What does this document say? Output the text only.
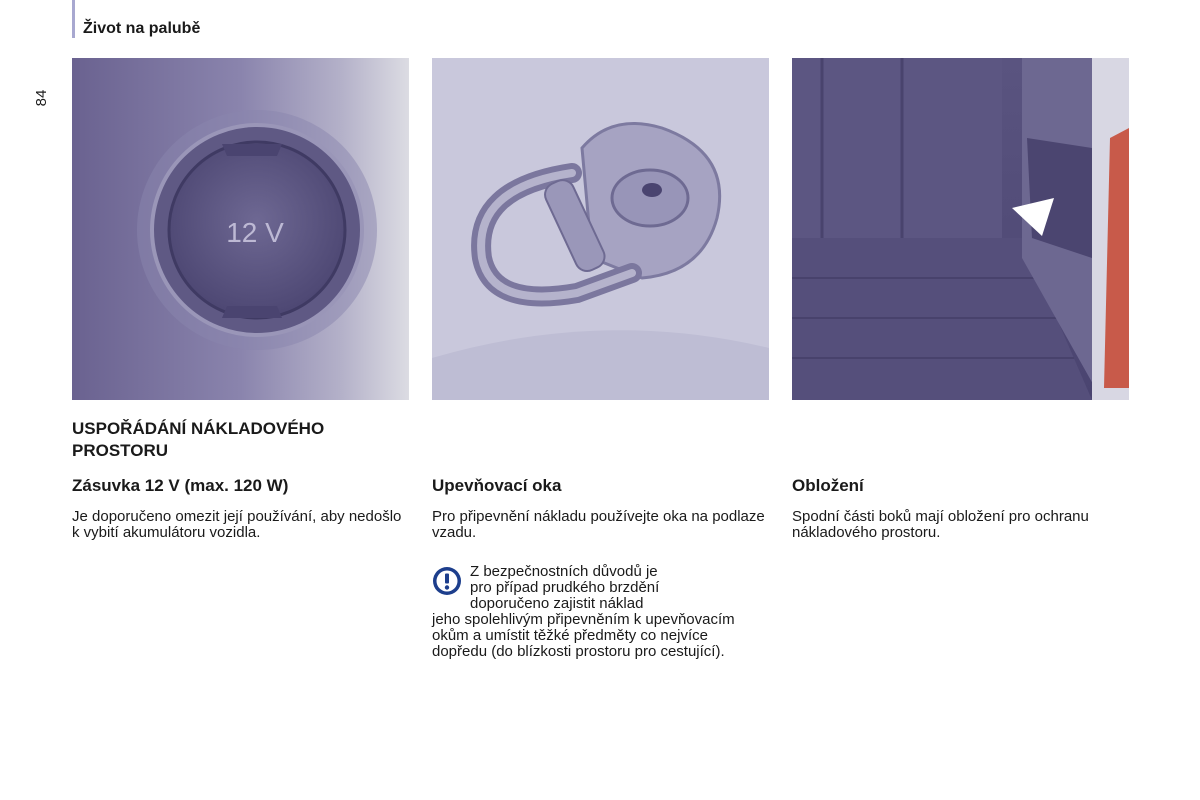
Život na palubě
84
12 V
USPOŘÁDÁNÍ NÁKLADOVÉHO PROSTORU
Zásuvka 12 V (max. 120 W)	Upevňovací oka	Obložení

Je doporučeno omezit její používání, aby nedošlo k vybití akumulátoru vozidla.

Pro připevnění nákladu používejte oka na podlaze vzadu.

Spodní části boků mají obložení pro ochranu nákladového prostoru.

Z bezpečnostních důvodů je
pro případ prudkého brzdění
doporučeno zajistit náklad
jeho spolehlivým připevněním k upevňovacím okům a umístit těžké předměty co nejvíce dopředu (do blízkosti prostoru pro cestující).
